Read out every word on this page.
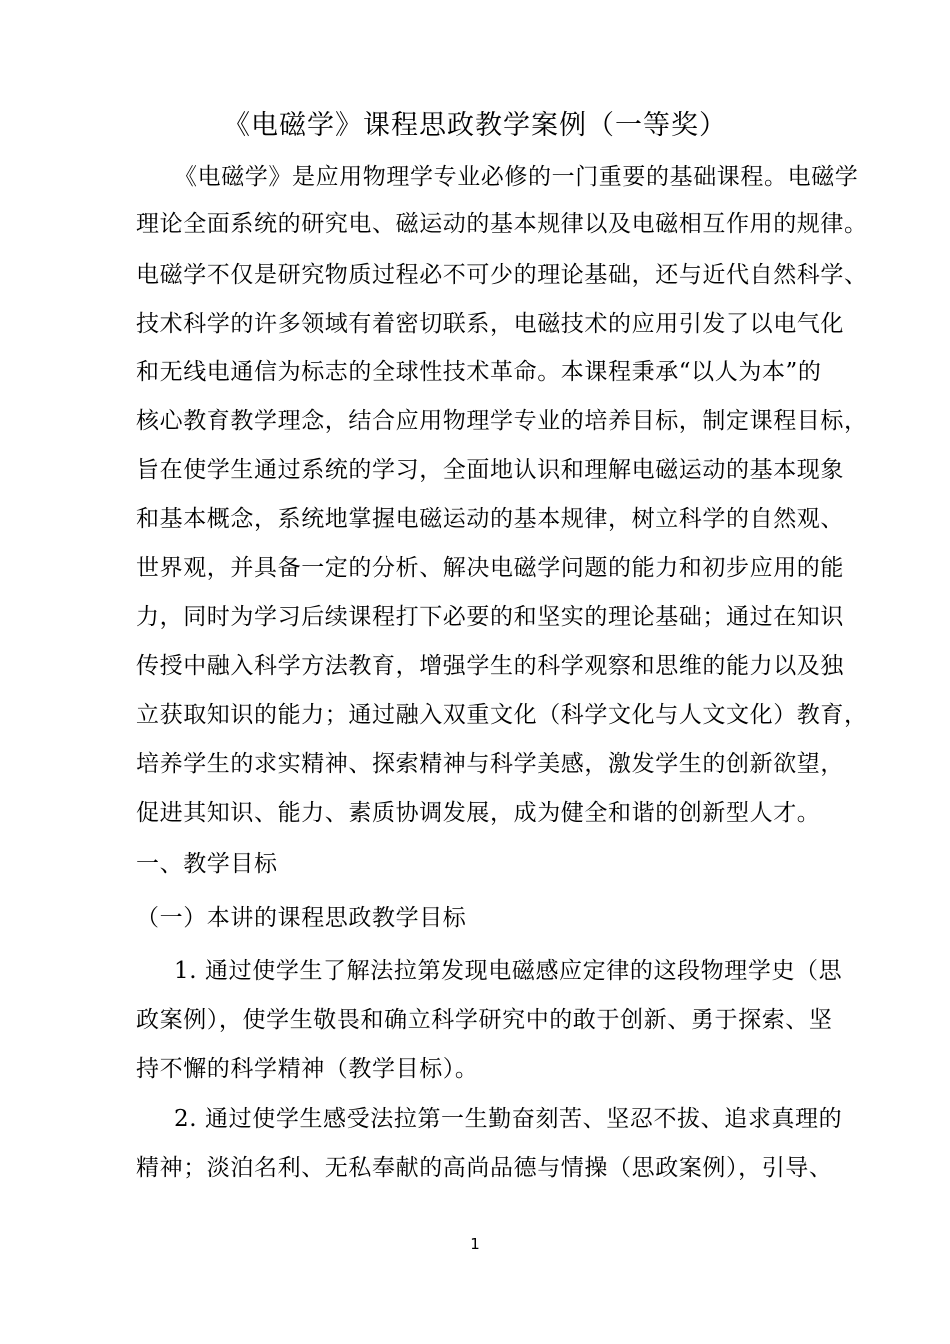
《电磁学》课程思政教学案例（一等奖）
《电磁学》是应用物理学专业必修的一门重要的基础课程。电磁学
理论全面系统的研究电、磁运动的基本规律以及电磁相互作用的规律。
电磁学不仅是研究物质过程必不可少的理论基础，还与近代自然科学、
技术科学的许多领域有着密切联系，电磁技术的应用引发了以电气化
和无线电通信为标志的全球性技术革命。本课程秉承“以人为本”的
核心教育教学理念，结合应用物理学专业的培养目标，制定课程目标，
旨在使学生通过系统的学习，全面地认识和理解电磁运动的基本现象
和基本概念，系统地掌握电磁运动的基本规律，树立科学的自然观、
世界观，并具备一定的分析、解决电磁学问题的能力和初步应用的能
力，同时为学习后续课程打下必要的和坚实的理论基础；通过在知识
传授中融入科学方法教育，增强学生的科学观察和思维的能力以及独
立获取知识的能力；通过融入双重文化（科学文化与人文文化）教育，
培养学生的求实精神、探索精神与科学美感，激发学生的创新欲望，
促进其知识、能力、素质协调发展，成为健全和谐的创新型人才。
一、教学目标
（一）本讲的课程思政教学目标
1. 通过使学生了解法拉第发现电磁感应定律的这段物理学史（思
政案例），使学生敬畏和确立科学研究中的敢于创新、勇于探索、坚
持不懈的科学精神（教学目标）。
2. 通过使学生感受法拉第一生勤奋刻苦、坚忍不拔、追求真理的
精神；淡泊名利、无私奉献的高尚品德与情操（思政案例），引导、
1
